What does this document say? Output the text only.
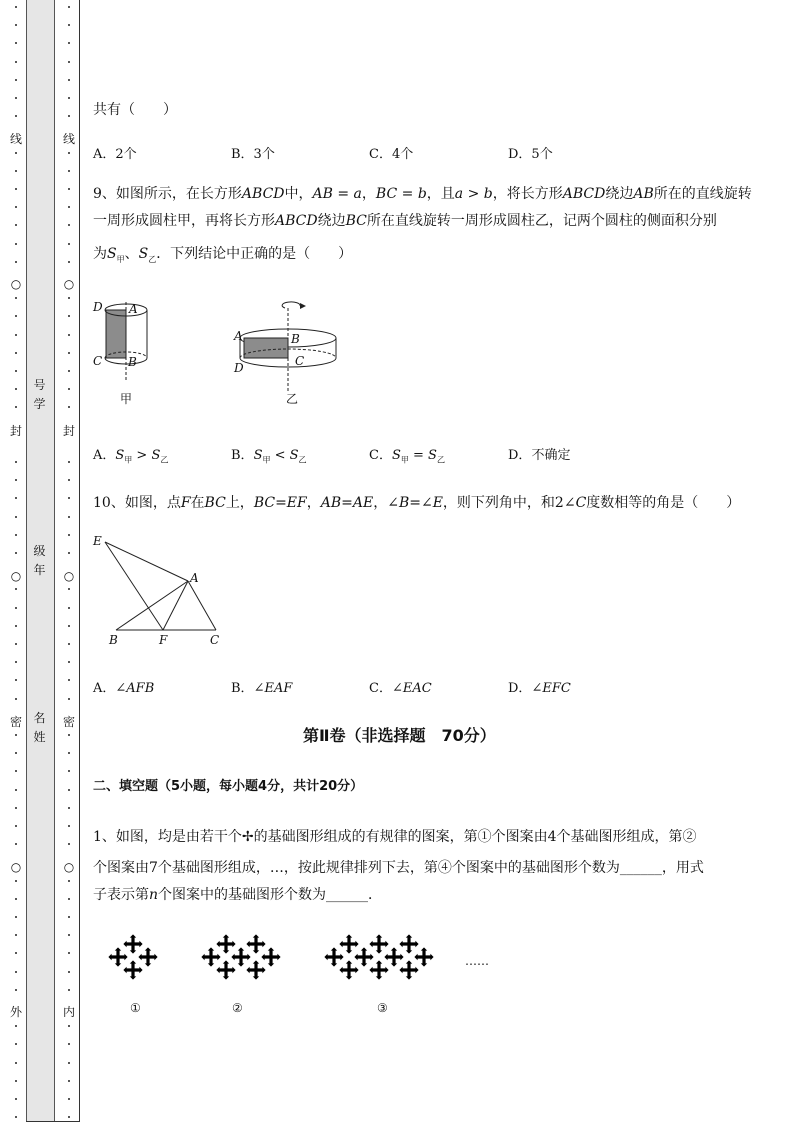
线
○
封
○
密
○
外
号学
级年
名姓
线
○
封
○
密
○
内
共有（　　）
A．2个	B．3个	C．4个	D．5个
9、如图所示，在长方形ABCD中，AB = a，BC = b，且a > b，将长方形ABCD绕边AB所在的直线旋转
一周形成圆柱甲，再将长方形ABCD绕边BC所在直线旋转一周形成圆柱乙，记两个圆柱的侧面积分别
为$S_甲$、$S_乙$．下列结论中正确的是（　　）
D A
C B
甲
A	B
D	C
乙
A．$S_甲 > S_乙$	B．$S_甲 < S_乙$	C．$S_甲 = S_乙$	D．不确定
10、如图，点F在BC上，BC=EF，AB=AE，∠B=∠E，则下列角中，和2∠C度数相等的角是（　　）
E
A
B	F	C
A．∠AFB	B．∠EAF	C．∠EAC	D．∠EFC
第Ⅱ卷（非选择题　70分）
二、填空题（5小题，每小题4分，共计20分）
1、如图，均是由若干个✢的基础图形组成的有规律的图案，第①个图案由4个基础图形组成，第②
个图案由7个基础图形组成，…，按此规律排列下去，第④个图案中的基础图形个数为______，用式
子表示第n个图案中的基础图形个数为______．
……
①	②	③
